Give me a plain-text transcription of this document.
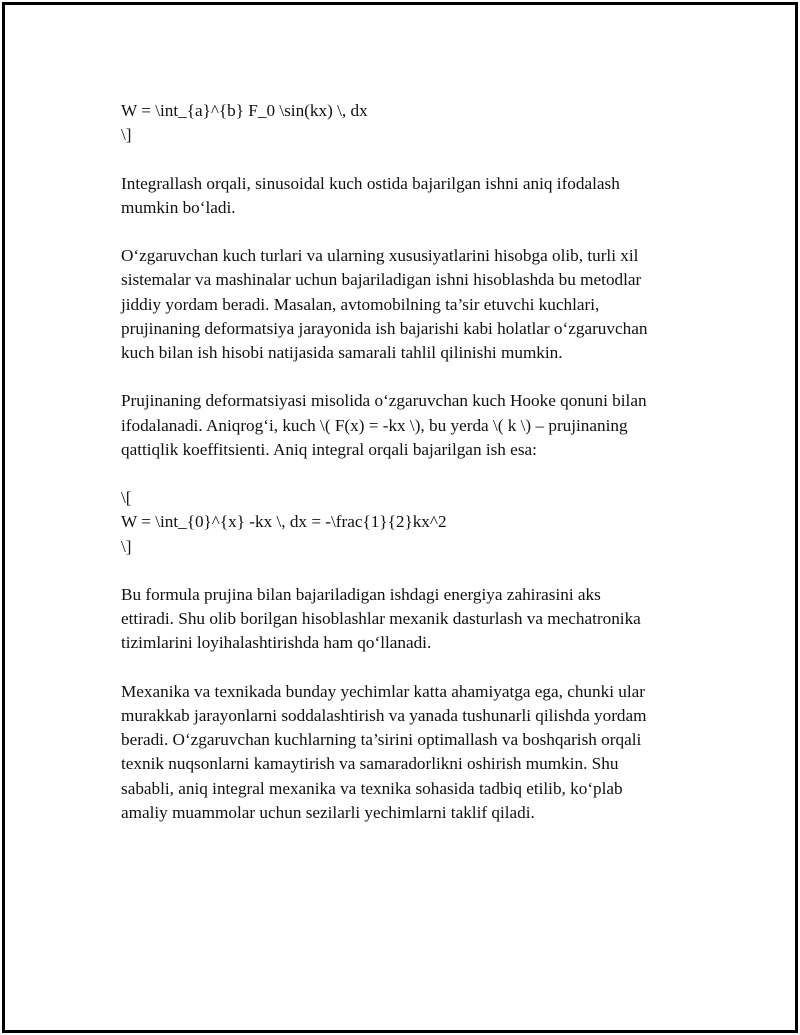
W = \int_{a}^{b} F_0 \sin(kx) \, dx
\]
Integrallash orqali, sinusoidal kuch ostida bajarilgan ishni aniq ifodalash
mumkin bo‘ladi.
O‘zgaruvchan kuch turlari va ularning xususiyatlarini hisobga olib, turli xil
sistemalar va mashinalar uchun bajariladigan ishni hisoblashda bu metodlar
jiddiy yordam beradi. Masalan, avtomobilning ta’sir etuvchi kuchlari,
prujinaning deformatsiya jarayonida ish bajarishi kabi holatlar o‘zgaruvchan
kuch bilan ish hisobi natijasida samarali tahlil qilinishi mumkin.
Prujinaning deformatsiyasi misolida o‘zgaruvchan kuch Hooke qonuni bilan
ifodalanadi. Aniqrog‘i, kuch \( F(x) = -kx \), bu yerda \( k \) – prujinaning
qattiqlik koeffitsienti. Aniq integral orqali bajarilgan ish esa:
\[
W = \int_{0}^{x} -kx \, dx = -\frac{1}{2}kx^2
\]
Bu formula prujina bilan bajariladigan ishdagi energiya zahirasini aks
ettiradi. Shu olib borilgan hisoblashlar mexanik dasturlash va mechatronika
tizimlarini loyihalashtirishda ham qo‘llanadi.
Mexanika va texnikada bunday yechimlar katta ahamiyatga ega, chunki ular
murakkab jarayonlarni soddalashtirish va yanada tushunarli qilishda yordam
beradi. O‘zgaruvchan kuchlarning ta’sirini optimallash va boshqarish orqali
texnik nuqsonlarni kamaytirish va samaradorlikni oshirish mumkin. Shu
sababli, aniq integral mexanika va texnika sohasida tadbiq etilib, ko‘plab
amaliy muammolar uchun sezilarli yechimlarni taklif qiladi.
